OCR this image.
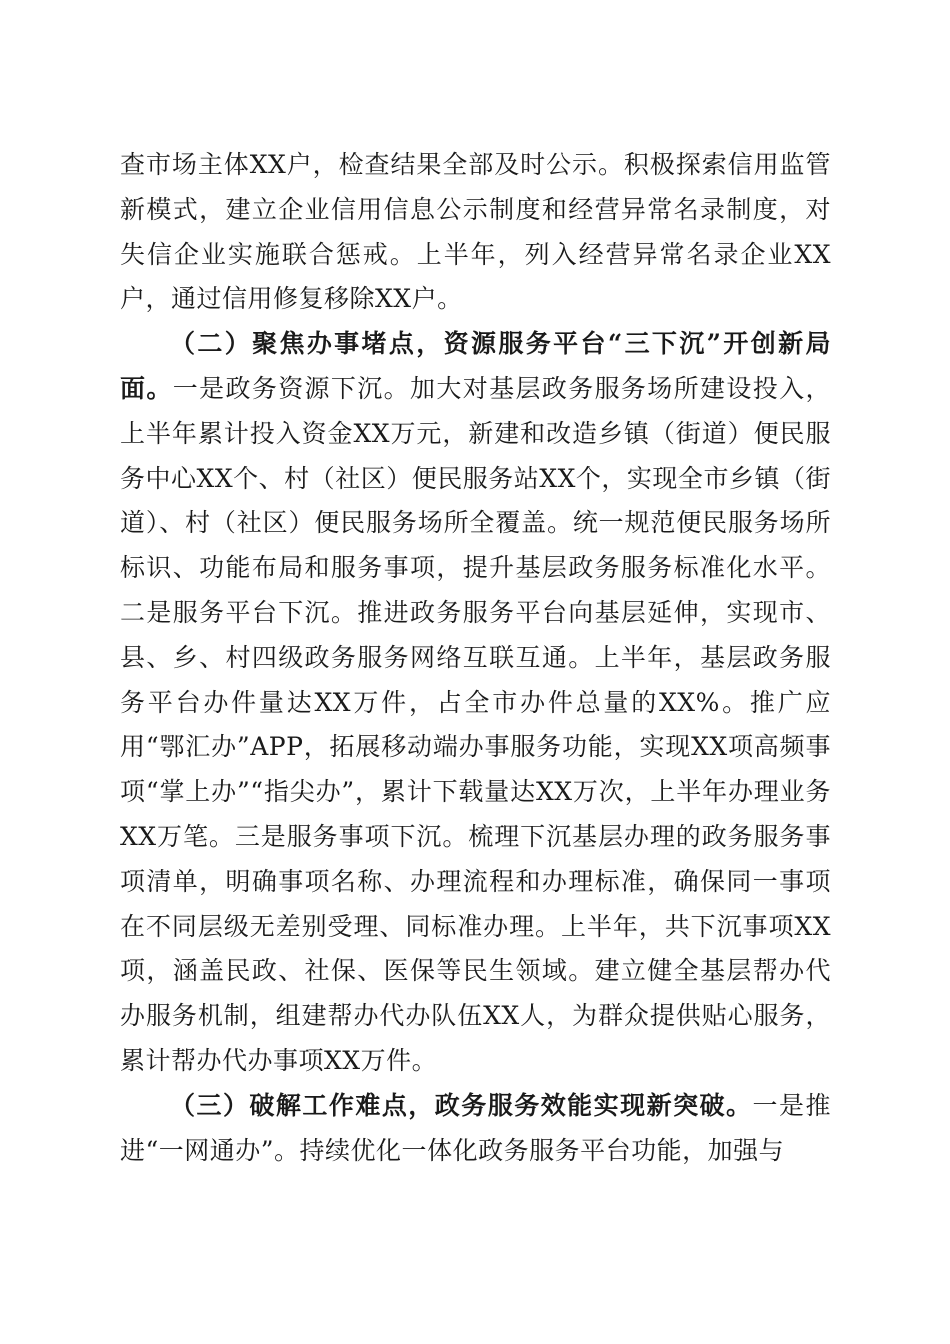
查市场主体XX户，检查结果全部及时公示。积极探索信用监管新模式，建立企业信用信息公示制度和经营异常名录制度，对失信企业实施联合惩戒。上半年，列入经营异常名录企业XX户，通过信用修复移除XX户。

（二）聚焦办事堵点，资源服务平台“三下沉”开创新局面。一是政务资源下沉。加大对基层政务服务场所建设投入，上半年累计投入资金XX万元，新建和改造乡镇（街道）便民服务中心XX个、村（社区）便民服务站XX个，实现全市乡镇（街道）、村（社区）便民服务场所全覆盖。统一规范便民服务场所标识、功能布局和服务事项，提升基层政务服务标准化水平。二是服务平台下沉。推进政务服务平台向基层延伸，实现市、县、乡、村四级政务服务网络互联互通。上半年，基层政务服务平台办件量达XX万件，占全市办件总量的XX%。推广应用“鄂汇办”APP，拓展移动端办事服务功能，实现XX项高频事项“掌上办”“指尖办”，累计下载量达XX万次，上半年办理业务XX万笔。三是服务事项下沉。梳理下沉基层办理的政务服务事项清单，明确事项名称、办理流程和办理标准，确保同一事项在不同层级无差别受理、同标准办理。上半年，共下沉事项XX项，涵盖民政、社保、医保等民生领域。建立健全基层帮办代办服务机制，组建帮办代办队伍XX人，为群众提供贴心服务，累计帮办代办事项XX万件。

（三）破解工作难点，政务服务效能实现新突破。一是推进“一网通办”。持续优化一体化政务服务平台功能，加强与
